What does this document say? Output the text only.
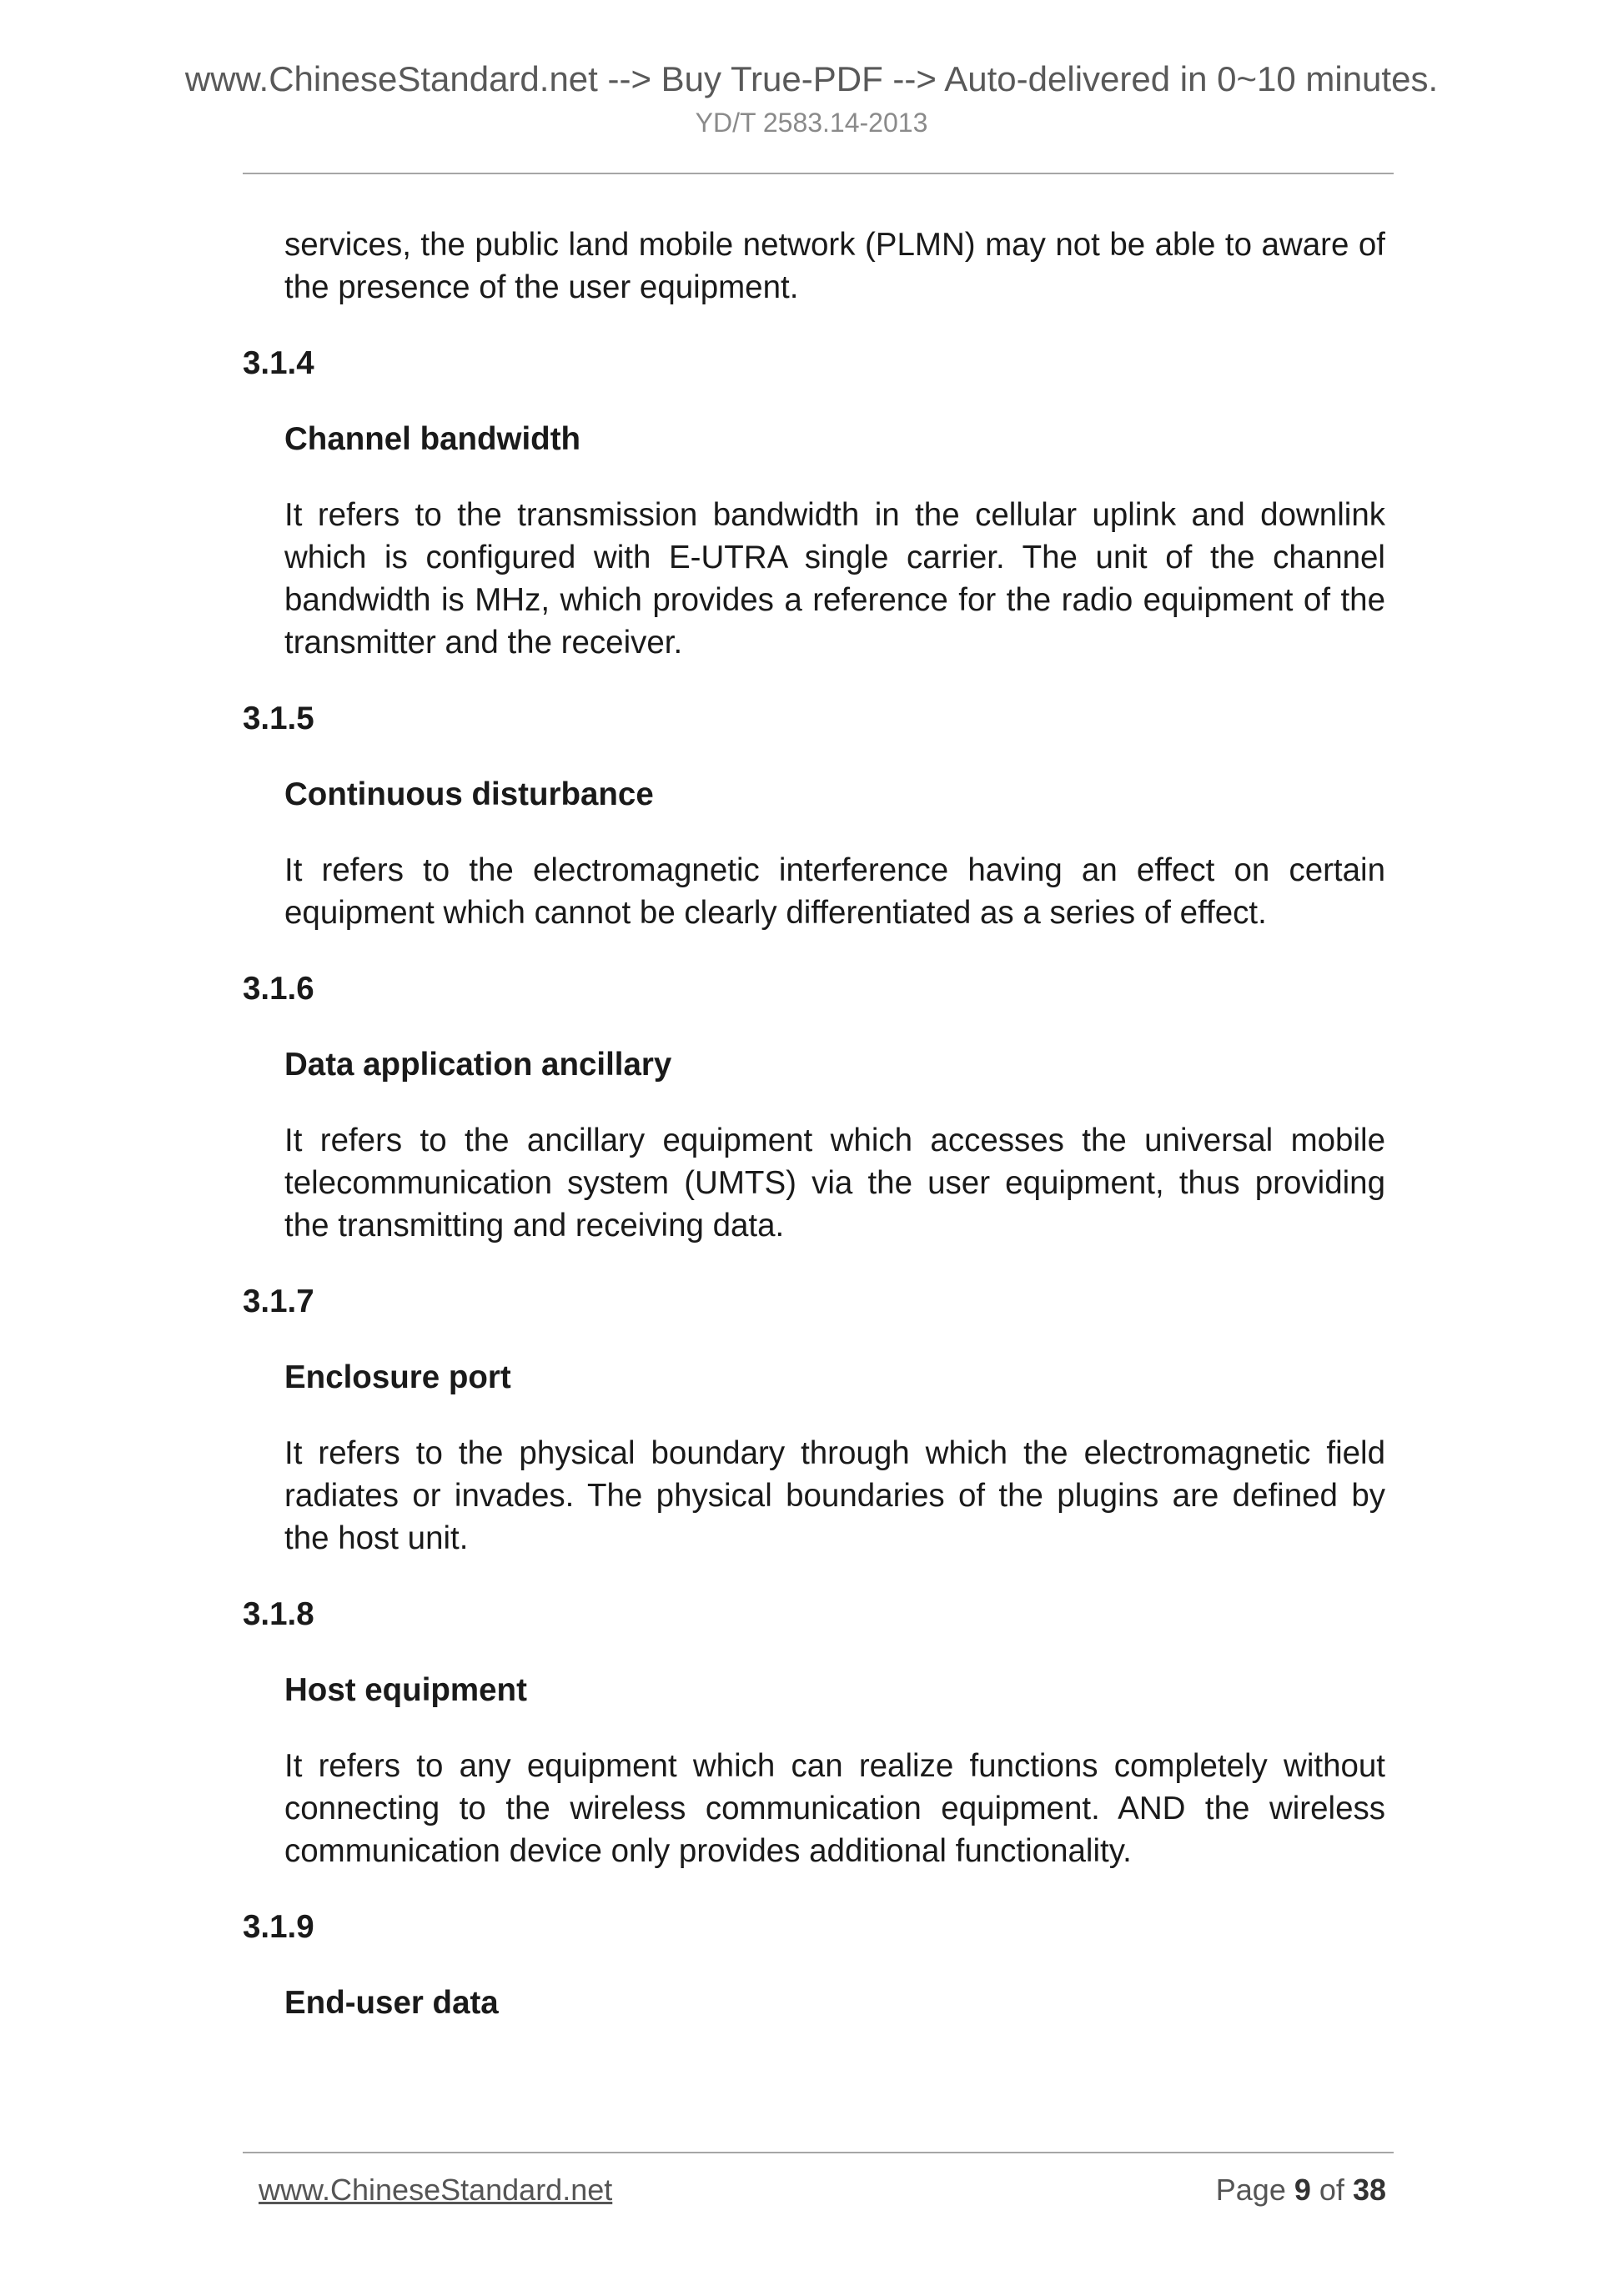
www.ChineseStandard.net --> Buy True-PDF --> Auto-delivered in 0~10 minutes.
YD/T 2583.14-2013
services, the public land mobile network (PLMN) may not be able to aware of the presence of the user equipment.
3.1.4
Channel bandwidth
It refers to the transmission bandwidth in the cellular uplink and downlink which is configured with E-UTRA single carrier. The unit of the channel bandwidth is MHz, which provides a reference for the radio equipment of the transmitter and the receiver.
3.1.5
Continuous disturbance
It refers to the electromagnetic interference having an effect on certain equipment which cannot be clearly differentiated as a series of effect.
3.1.6
Data application ancillary
It refers to the ancillary equipment which accesses the universal mobile telecommunication system (UMTS) via the user equipment, thus providing the transmitting and receiving data.
3.1.7
Enclosure port
It refers to the physical boundary through which the electromagnetic field radiates or invades. The physical boundaries of the plugins are defined by the host unit.
3.1.8
Host equipment
It refers to any equipment which can realize functions completely without connecting to the wireless communication equipment. AND the wireless communication device only provides additional functionality.
3.1.9
End-user data
www.ChineseStandard.net	Page 9 of 38
